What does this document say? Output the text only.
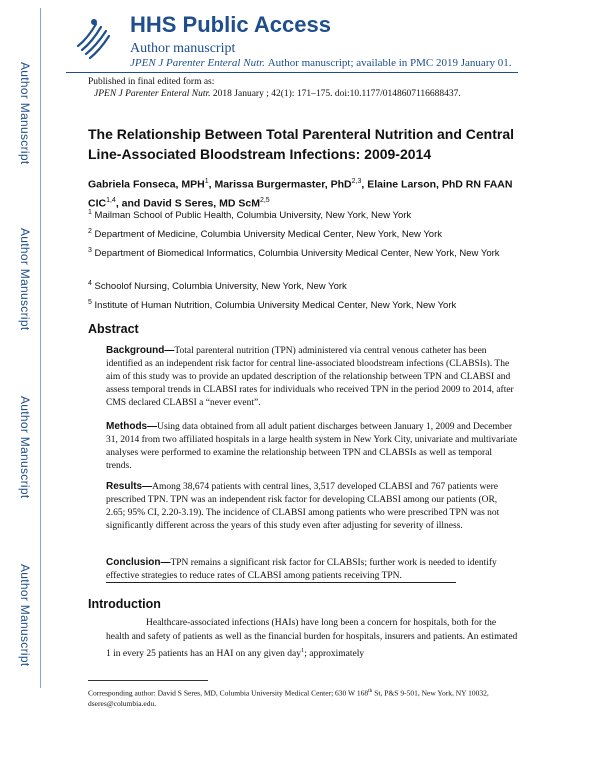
Author Manuscript
Author Manuscript
Author Manuscript
Author Manuscript
HHS Public Access
Author manuscript
JPEN J Parenter Enteral Nutr. Author manuscript; available in PMC 2019 January 01.
Published in final edited form as:
JPEN J Parenter Enteral Nutr. 2018 January ; 42(1): 171–175. doi:10.1177/0148607116688437.
The Relationship Between Total Parenteral Nutrition and Central Line-Associated Bloodstream Infections: 2009-2014
Gabriela Fonseca, MPH$^1$, Marissa Burgermaster, PhD$^{2,3}$, Elaine Larson, PhD RN FAAN CIC$^{1,4}$, and David S Seres, MD ScM$^{2,5}$
$^1$ Mailman School of Public Health, Columbia University, New York, New York
$^2$ Department of Medicine, Columbia University Medical Center, New York, New York
$^3$ Department of Biomedical Informatics, Columbia University Medical Center, New York, New York
$^4$ Schoolof Nursing, Columbia University, New York, New York
$^5$ Institute of Human Nutrition, Columbia University Medical Center, New York, New York
Abstract
Background—Total parenteral nutrition (TPN) administered via central venous catheter has been identified as an independent risk factor for central line-associated bloodstream infections (CLABSIs). The aim of this study was to provide an updated description of the relationship between TPN and CLABSI and assess temporal trends in CLABSI rates for individuals who received TPN in the period 2009 to 2014, after CMS declared CLABSI a “never event”.
Methods—Using data obtained from all adult patient discharges between January 1, 2009 and December 31, 2014 from two affiliated hospitals in a large health system in New York City, univariate and multivariate analyses were performed to examine the relationship between TPN and CLABSIs as well as temporal trends.
Results—Among 38,674 patients with central lines, 3,517 developed CLABSI and 767 patients were prescribed TPN. TPN was an independent risk factor for developing CLABSI among our patients (OR, 2.65; 95% CI, 2.20-3.19). The incidence of CLABSI among patients who were prescribed TPN was not significantly different across the years of this study even after adjusting for severity of illness.
Conclusion—TPN remains a significant risk factor for CLABSIs; further work is needed to identify effective strategies to reduce rates of CLABSI among patients receiving TPN.
Introduction
Healthcare-associated infections (HAIs) have long been a concern for hospitals, both for the health and safety of patients as well as the financial burden for hospitals, insurers and patients. An estimated 1 in every 25 patients has an HAI on any given day$^1$; approximately
Corresponding author: David S Seres, MD, Columbia University Medical Center; 630 W 168th St, P&S 9-501, New York, NY 10032, dseres@columbia.edu.
